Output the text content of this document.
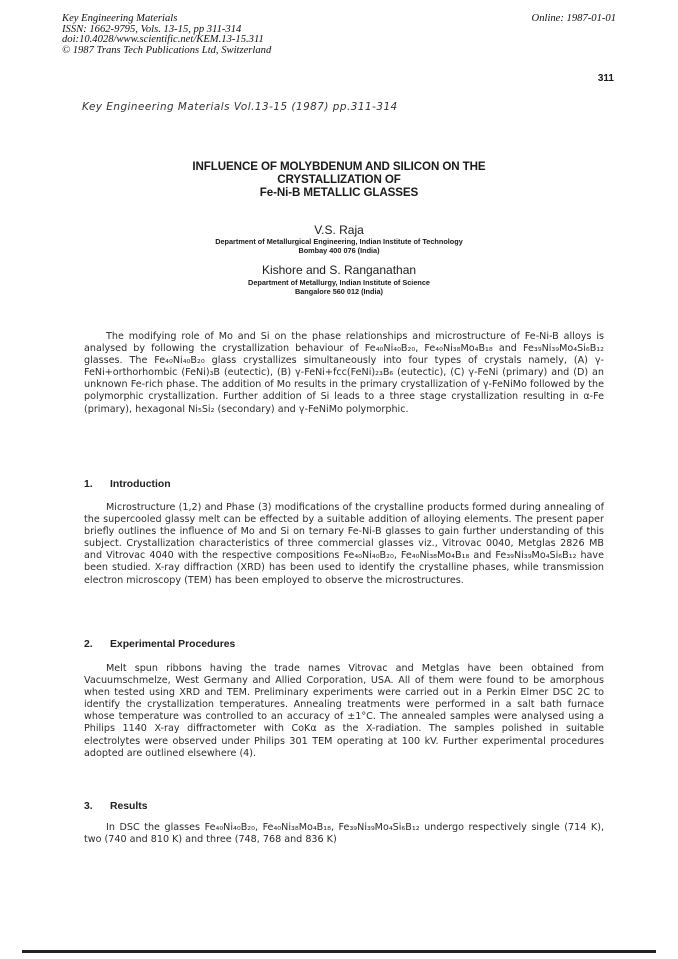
Key Engineering Materials
ISSN: 1662-9795, Vols. 13-15, pp 311-314
doi:10.4028/www.scientific.net/KEM.13-15.311
© 1987 Trans Tech Publications Ltd, Switzerland
Online: 1987-01-01
311
Key Engineering Materials Vol.13-15 (1987) pp.311-314
INFLUENCE OF MOLYBDENUM AND SILICON ON THE
CRYSTALLIZATION OF
Fe-Ni-B METALLIC GLASSES
V.S. Raja
Department of Metallurgical Engineering, Indian Institute of Technology
Bombay 400 076 (India)
Kishore and S. Ranganathan
Department of Metallurgy, Indian Institute of Science
Bangalore 560 012 (India)
The modifying role of Mo and Si on the phase relationships and microstructure of Fe-Ni-B alloys is analysed by following the crystallization behaviour of Fe₄₀Ni₄₀B₂₀, Fe₄₀Ni₃₈Mo₄B₁₈ and Fe₃₉Ni₃₉Mo₄Si₆B₁₂ glasses. The Fe₄₀Ni₄₀B₂₀ glass crystallizes simultaneously into four types of crystals namely, (A) γ-FeNi+orthorhombic (FeNi)₃B (eutectic), (B) γ-FeNi+fcc(FeNi)₂₃B₆ (eutectic), (C) γ-FeNi (primary) and (D) an unknown Fe-rich phase. The addition of Mo results in the primary crystallization of γ-FeNiMo followed by the polymorphic crystallization. Further addition of Si leads to a three stage crystallization resulting in α-Fe (primary), hexagonal Ni₅Si₂ (secondary) and γ-FeNiMo polymorphic.
1. Introduction
Microstructure (1,2) and Phase (3) modifications of the crystalline products formed during annealing of the supercooled glassy melt can be effected by a suitable addition of alloying elements. The present paper briefly outlines the influence of Mo and Si on ternary Fe-Ni-B glasses to gain further understanding of this subject. Crystallization characteristics of three commercial glasses viz., Vitrovac 0040, Metglas 2826 MB and Vitrovac 4040 with the respective compositions Fe₄₀Ni₄₀B₂₀, Fe₄₀Ni₃₈Mo₄B₁₈ and Fe₃₉Ni₃₉Mo₄Si₆B₁₂ have been studied. X-ray diffraction (XRD) has been used to identify the crystalline phases, while transmission electron microscopy (TEM) has been employed to observe the microstructures.
2. Experimental Procedures
Melt spun ribbons having the trade names Vitrovac and Metglas have been obtained from Vacuumschmelze, West Germany and Allied Corporation, USA. All of them were found to be amorphous when tested using XRD and TEM. Preliminary experiments were carried out in a Perkin Elmer DSC 2C to identify the crystallization temperatures. Annealing treatments were performed in a salt bath furnace whose temperature was controlled to an accuracy of ±1°C. The annealed samples were analysed using a Philips 1140 X-ray diffractometer with CoKα as the X-radiation. The samples polished in suitable electrolytes were observed under Philips 301 TEM operating at 100 kV. Further experimental procedures adopted are outlined elsewhere (4).
3. Results
In DSC the glasses Fe₄₀Ni₄₀B₂₀, Fe₄₀Ni₃₈Mo₄B₁₈, Fe₃₉Ni₃₉Mo₄Si₆B₁₂ undergo respectively single (714 K), two (740 and 810 K) and three (748, 768 and 836 K)
